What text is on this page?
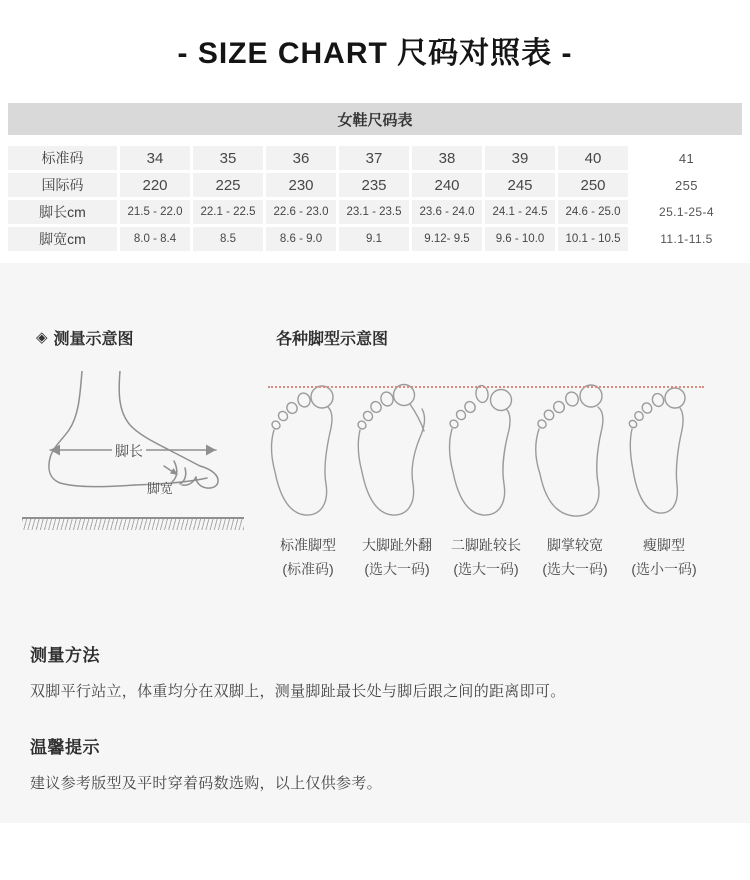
- SIZE CHART 尺码对照表 -
女鞋尺码表
标准码	34	35	36	37	38	39	40	41
国际码	220	225	230	235	240	245	250	255
脚长cm	21.5 - 22.0	22.1 - 22.5	22.6 - 23.0	23.1 - 23.5	23.6 - 24.0	24.1 - 24.5	24.6 - 25.0	25.1-25-4
脚宽cm	8.0 - 8.4	8.5	8.6 - 9.0	9.1	9.12- 9.5	9.6 - 10.0	10.1 - 10.5	11.1-11.5
◈ 测量示意图	各种脚型示意图
脚长
脚宽
标准脚型
(标准码)
大脚趾外翻
(选大一码)
二脚趾较长
(选大一码)
脚掌较宽
(选大一码)
瘦脚型
(选小一码)
测量方法

双脚平行站立，体重均分在双脚上，测量脚趾最长处与脚后跟之间的距离即可。

温馨提示

建议参考版型及平时穿着码数选购，以上仅供参考。
